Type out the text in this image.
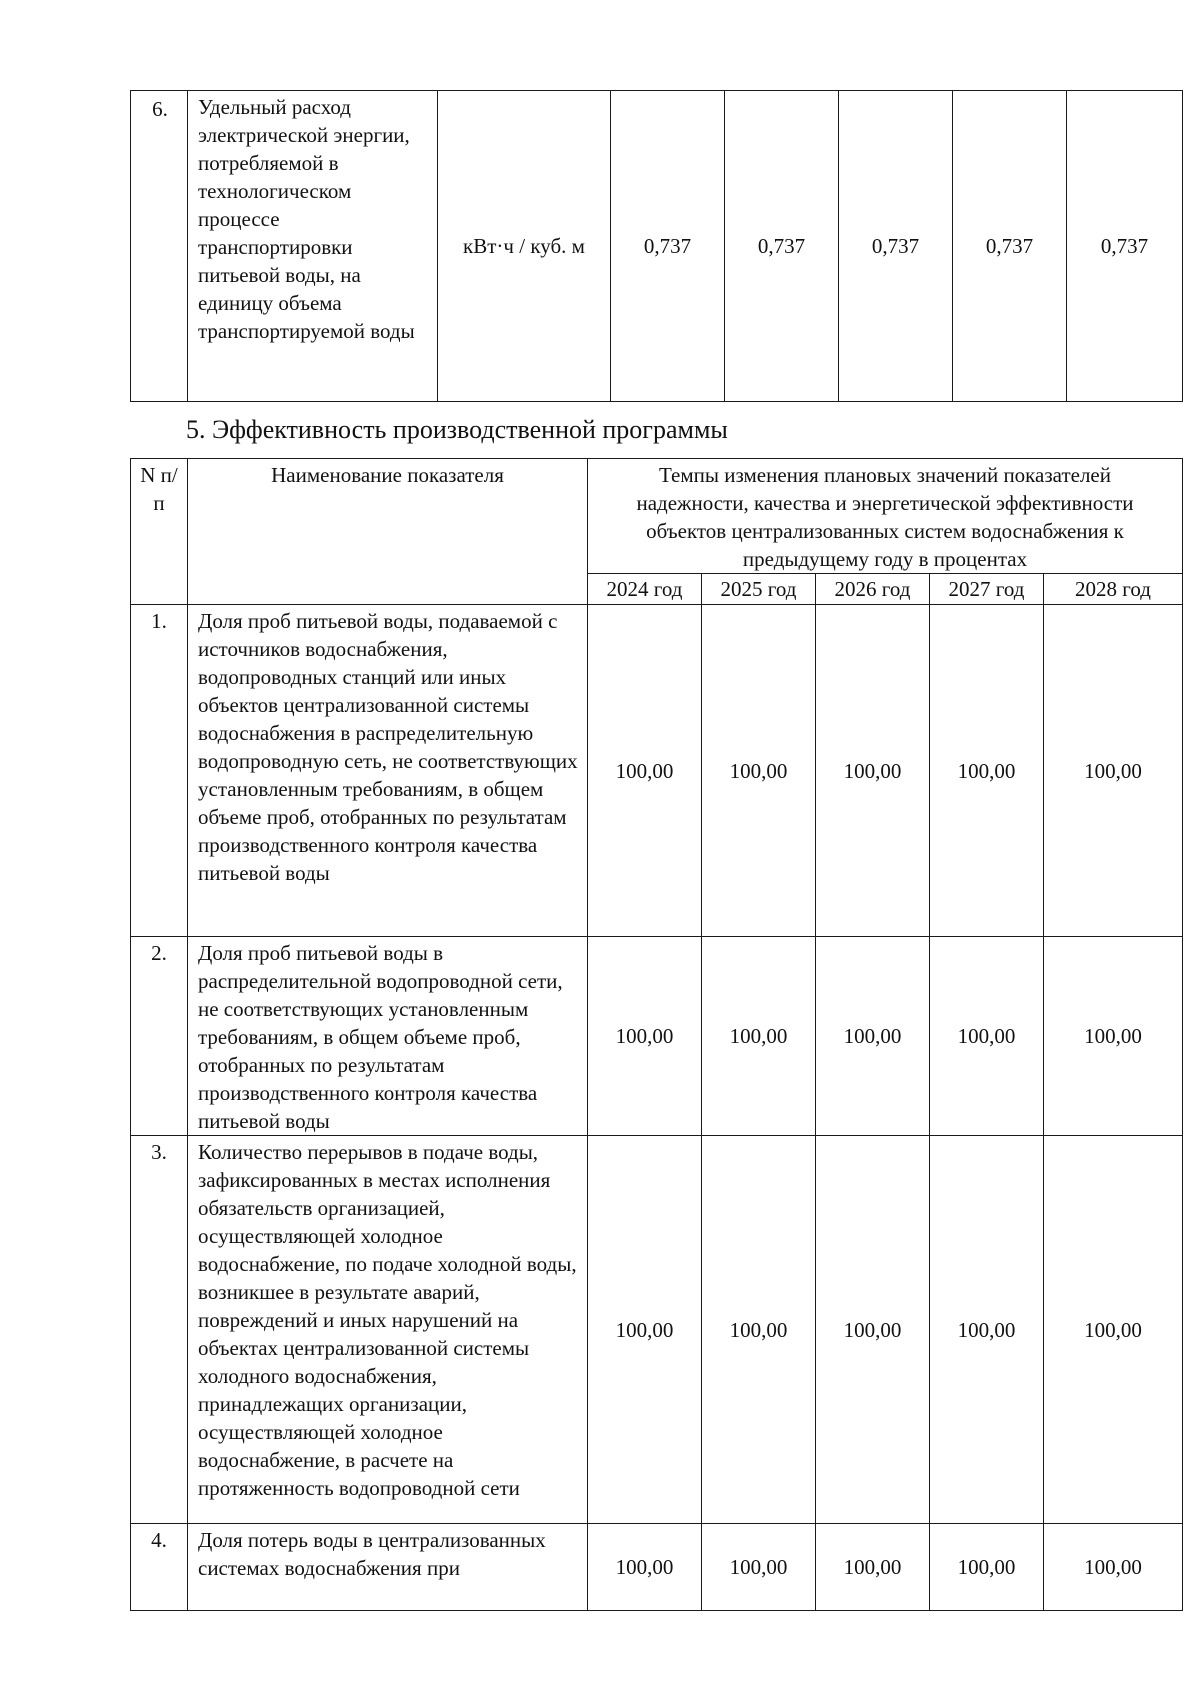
6.	Удельный расход электрической энергии, потребляемой в технологическом процессе транспортировки питьевой воды, на единицу объема транспортируемой воды	кВт·ч / куб. м	0,737	0,737	0,737	0,737	0,737
5. Эффективность производственной программы
N п/п	Наименование показателя	Темпы изменения плановых значений показателей надежности, качества и энергетической эффективности объектов централизованных систем водоснабжения к предыдущему году в процентах				
		2024 год	2025 год	2026 год	2027 год	2028 год
1.	Доля проб питьевой воды, подаваемой с источников водоснабжения, водопроводных станций или иных объектов централизованной системы водоснабжения в распределительную водопроводную сеть, не соответствующих установленным требованиям, в общем объеме проб, отобранных по результатам производственного контроля качества питьевой воды	100,00	100,00	100,00	100,00	100,00
2.	Доля проб питьевой воды в распределительной водопроводной сети, не соответствующих установленным требованиям, в общем объеме проб, отобранных по результатам производственного контроля качества питьевой воды	100,00	100,00	100,00	100,00	100,00
3.	Количество перерывов в подаче воды, зафиксированных в местах исполнения обязательств организацией, осуществляющей холодное водоснабжение, по подаче холодной воды, возникшее в результате аварий, повреждений и иных нарушений на объектах централизованной системы холодного водоснабжения, принадлежащих организации, осуществляющей холодное водоснабжение, в расчете на протяженность водопроводной сети	100,00	100,00	100,00	100,00	100,00
4.	Доля потерь воды в централизованных системах водоснабжения при	100,00	100,00	100,00	100,00	100,00
